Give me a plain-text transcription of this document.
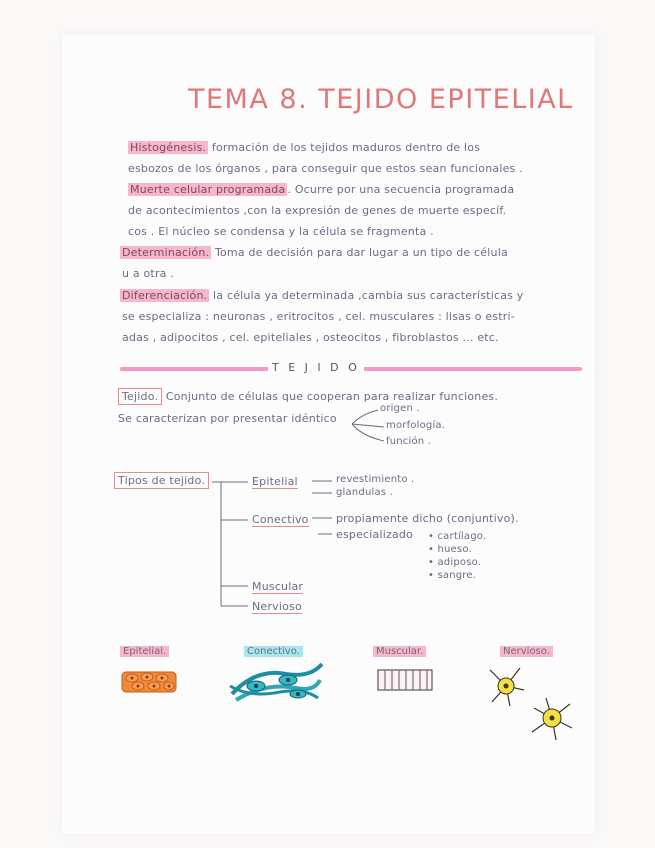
TEMA 8. TEJIDO EPITELIAL
Histogénesis. formación de los tejidos maduros dentro de los
esbozos de los órganos , para conseguir que estos sean funcionales .
Muerte celular programada . Ocurre por una secuencia programada
de acontecimientos ,con la expresión de genes de muerte específ.
cos . El núcleo se condensa y la célula se fragmenta .
Determinación. Toma de decisión para dar lugar a un tipo de célula
u a otra .
Diferenciación. la célula ya determinada ,cambia sus características y
se especializa : neuronas , eritrocitos , cel. musculares : lisas o estri-
adas , adipocitos , cel. epiteliales , osteocitos , fibroblastos ... etc.
T E J I D O
Tejido. Conjunto de células que cooperan para realizar funciones.
Se caracterizan por presentar idéntico
origen .
morfología.
función .
Tipos de tejido.	Epitelial	revestimiento .
glandulas .
Conectivo propiamente dicho (conjuntivo).
especializado • cartílago.
• hueso.
• adiposo.
• sangre.
Muscular
Nervioso
Epitelial.	Conectivo.	Muscular.	Nervioso.
